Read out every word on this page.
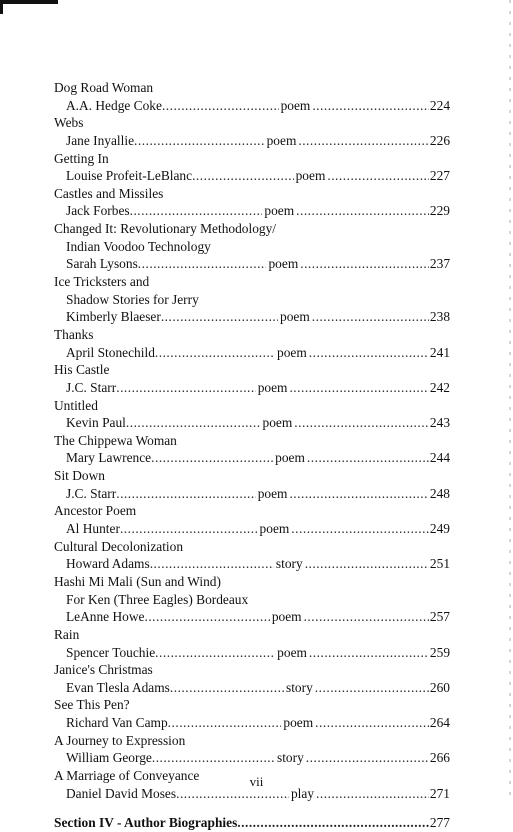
Dog Road Woman
A.A. Hedge Coke .....	poem .....	224
Webs
Jane Inyallie .....	poem .....	226
Getting In
Louise Profeit-LeBlanc .....	poem .....	227
Castles and Missiles
Jack Forbes .....	poem .....	229
Changed It: Revolutionary Methodology/
Indian Voodoo Technology
Sarah Lysons .....	poem .....	237
Ice Tricksters and
Shadow Stories for Jerry
Kimberly Blaeser .....	poem .....	238
Thanks
April Stonechild .....	poem .....	241
His Castle
J.C. Starr .....	poem .....	242
Untitled
Kevin Paul .....	poem .....	243
The Chippewa Woman
Mary Lawrence .....	poem .....	244
Sit Down
J.C. Starr .....	poem .....	248
Ancestor Poem
Al Hunter .....	poem .....	249
Cultural Decolonization
Howard Adams .....	story .....	251
Hashi Mi Mali (Sun and Wind)
For Ken (Three Eagles) Bordeaux
LeAnne Howe .....	poem .....	257
Rain
Spencer Touchie .....	poem .....	259
Janice's Christmas
Evan Tlesla Adams .....	story .....	260
See This Pen?
Richard Van Camp .....	poem .....	264
A Journey to Expression
William George .....	story .....	266
A Marriage of Conveyance
Daniel David Moses .....	play .....	271
Section IV - Author Biographies .....	277
vii
